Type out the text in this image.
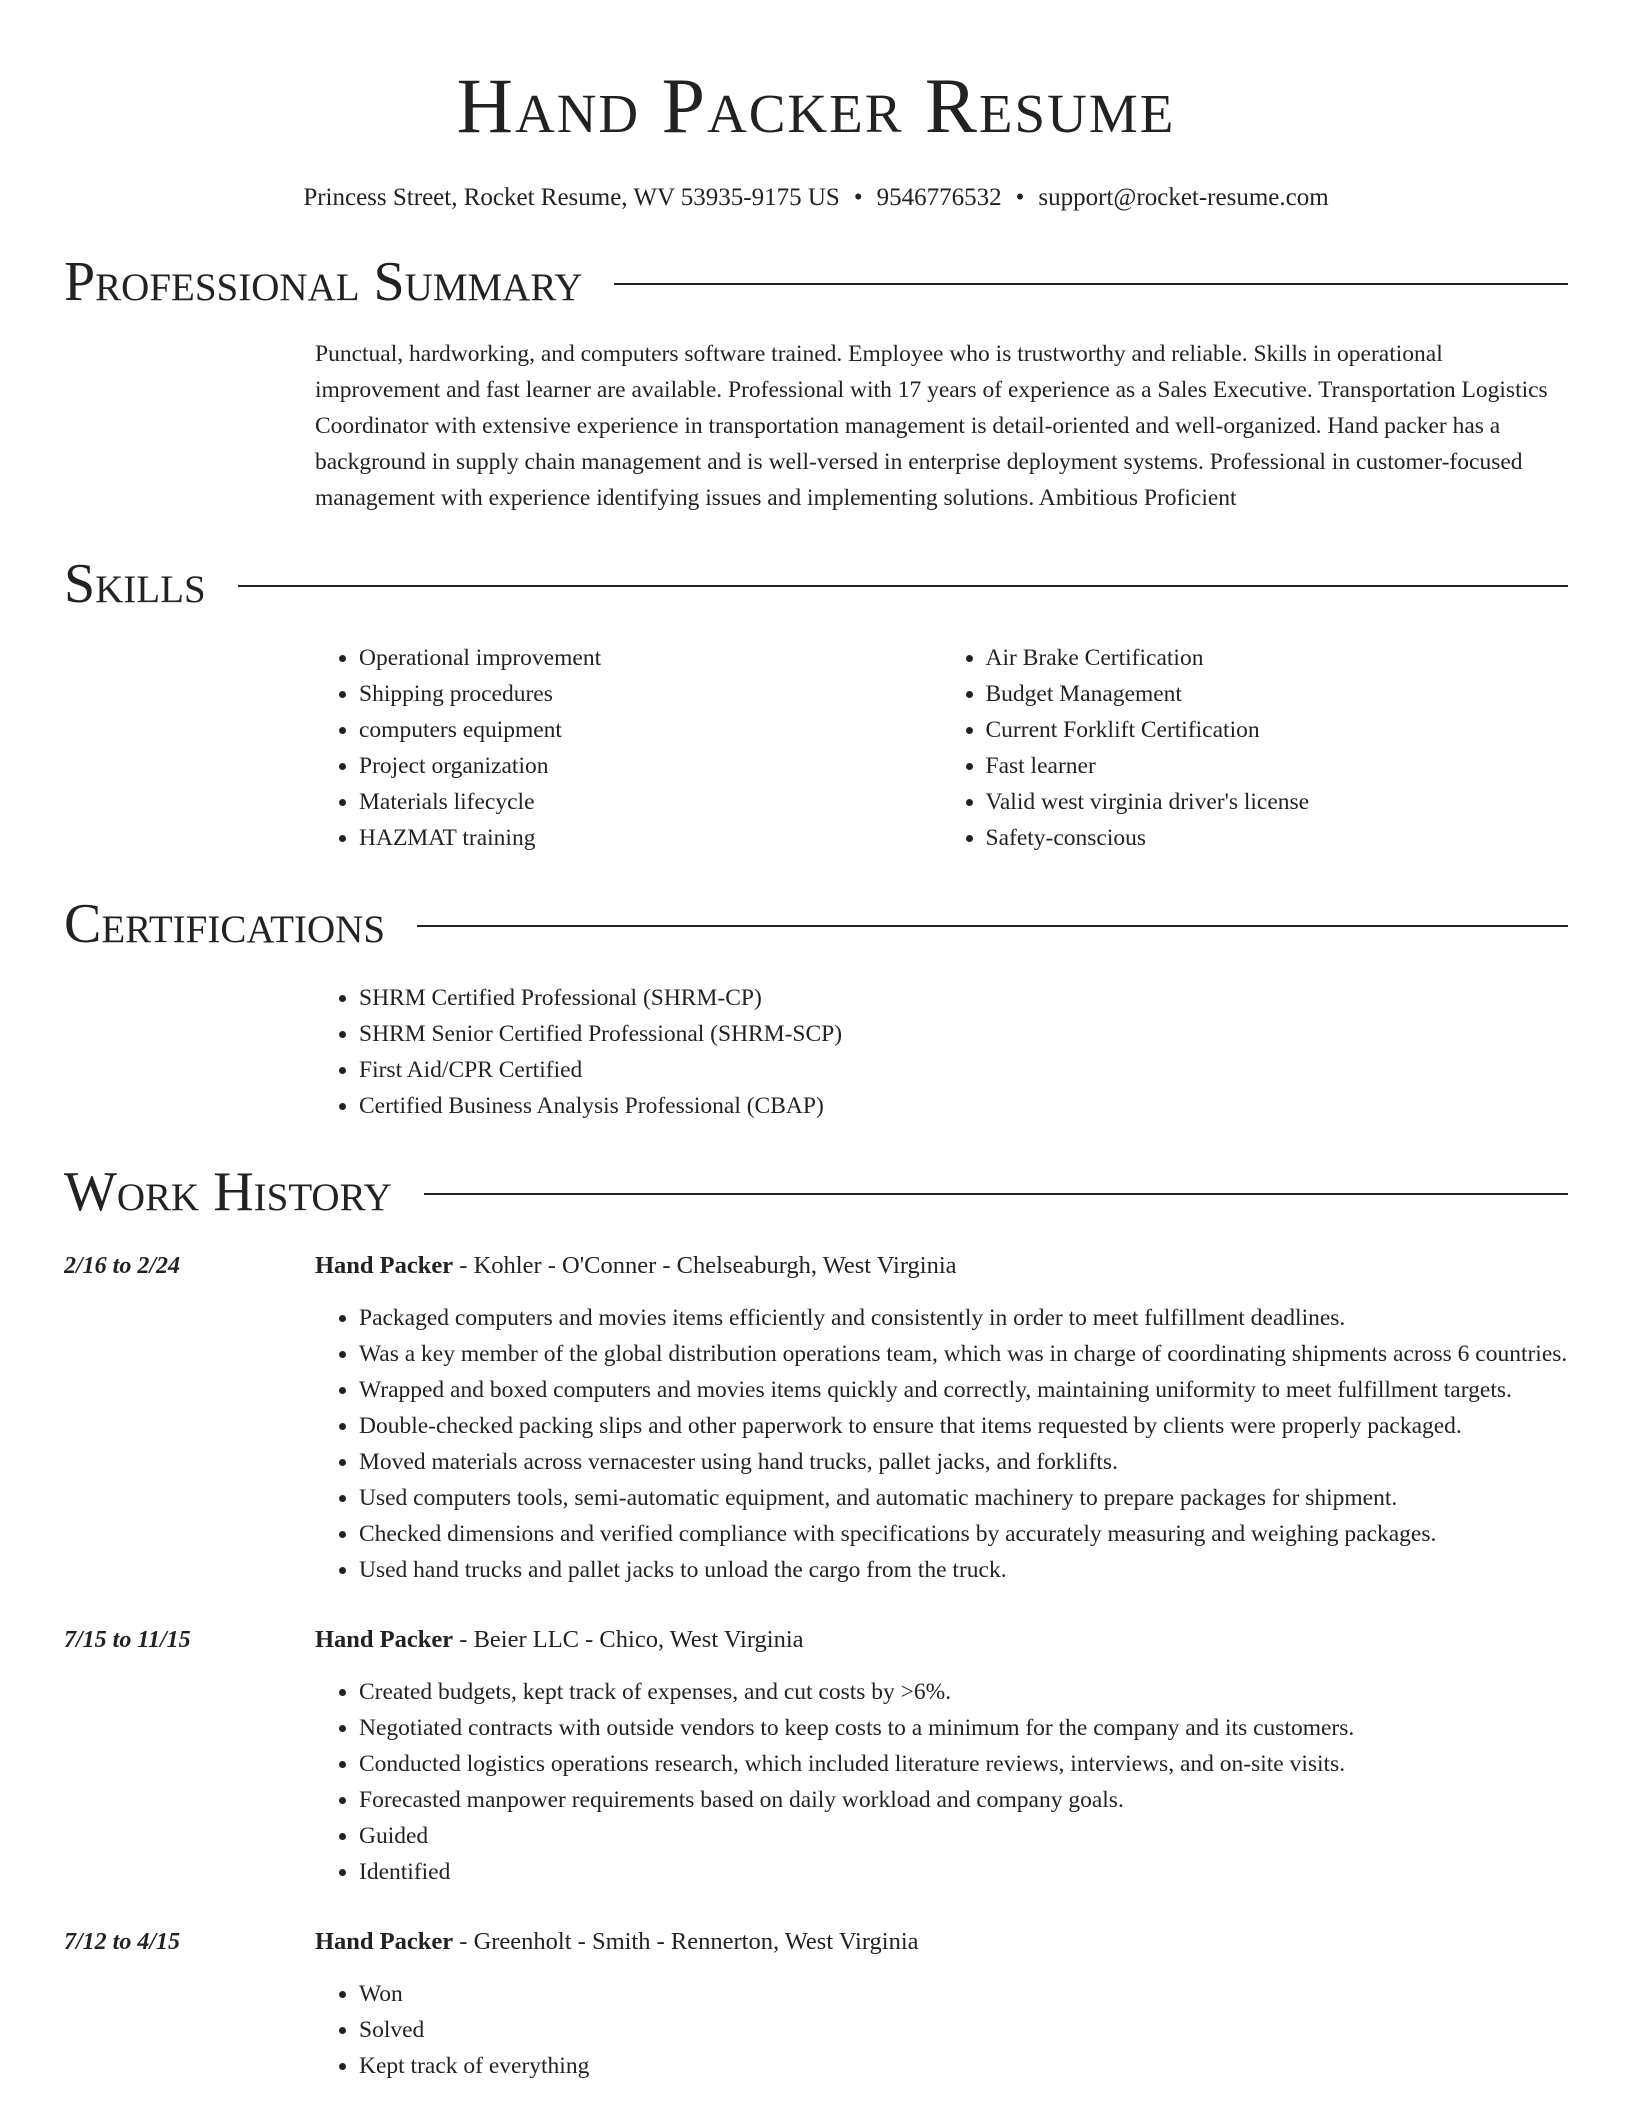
Hand Packer Resume
Princess Street, Rocket Resume, WV 53935-9175 US • 9546776532 • support@rocket-resume.com
Professional Summary

Punctual, hardworking, and computers software trained. Employee who is trustworthy and reliable. Skills in operational improvement and fast learner are available. Professional with 17 years of experience as a Sales Executive. Transportation Logistics Coordinator with extensive experience in transportation management is detail-oriented and well-organized. Hand packer has a background in supply chain management and is well-versed in enterprise deployment systems. Professional in customer-focused management with experience identifying issues and implementing solutions. Ambitious Proficient

Skills
• Operational improvement
• Shipping procedures
• computers equipment
• Project organization
• Materials lifecycle
• HAZMAT training
• Air Brake Certification
• Budget Management
• Current Forklift Certification
• Fast learner
• Valid west virginia driver's license
• Safety-conscious
Certifications
• SHRM Certified Professional (SHRM-CP)
• SHRM Senior Certified Professional (SHRM-SCP)
• First Aid/CPR Certified
• Certified Business Analysis Professional (CBAP)
Work History
2/16 to 2/24	Hand Packer - Kohler - O'Conner - Chelseaburgh, West Virginia
• Packaged computers and movies items efficiently and consistently in order to meet fulfillment deadlines.
• Was a key member of the global distribution operations team, which was in charge of coordinating shipments across 6 countries.
• Wrapped and boxed computers and movies items quickly and correctly, maintaining uniformity to meet fulfillment targets.
• Double-checked packing slips and other paperwork to ensure that items requested by clients were properly packaged.
• Moved materials across vernacester using hand trucks, pallet jacks, and forklifts.
• Used computers tools, semi-automatic equipment, and automatic machinery to prepare packages for shipment.
• Checked dimensions and verified compliance with specifications by accurately measuring and weighing packages.
• Used hand trucks and pallet jacks to unload the cargo from the truck.
7/15 to 11/15	Hand Packer - Beier LLC - Chico, West Virginia
• Created budgets, kept track of expenses, and cut costs by >6%.
• Negotiated contracts with outside vendors to keep costs to a minimum for the company and its customers.
• Conducted logistics operations research, which included literature reviews, interviews, and on-site visits.
• Forecasted manpower requirements based on daily workload and company goals.
• Guided
• Identified
7/12 to 4/15	Hand Packer - Greenholt - Smith - Rennerton, West Virginia
• Won
• Solved
• Kept track of everything
